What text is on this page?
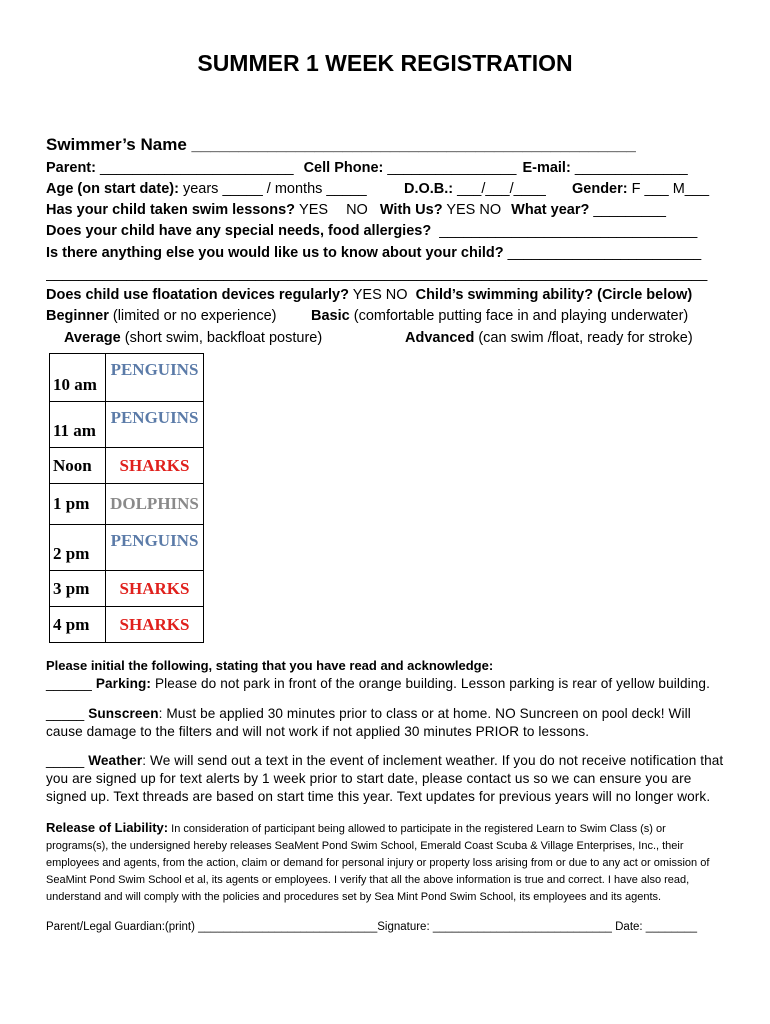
SUMMER 1 WEEK REGISTRATION
Swimmer’s Name _______________________________________________
Parent: ________________________ Cell Phone: ________________ E-mail: ______________
Age (on start date): years _____ / months _____	D.O.B.: ___/___/____ Gender: F ___ M___
Has your child taken swim lessons? YES NO With Us? YES NO What year? _________
Does your child have any special needs, food allergies? ________________________________
Is there anything else you would like us to know about your child? ________________________
__________________________________________________________________________________
Does child use floatation devices regularly? YES NO Child’s swimming ability? (Circle below)
Beginner (limited or no experience) Basic (comfortable putting face in and playing underwater)
Average (short swim, backfloat posture)	Advanced (can swim /float, ready for stroke)
10 am	PENGUINS
11 am	PENGUINS
Noon	SHARKS
1 pm	DOLPHINS
2 pm	PENGUINS
3 pm	SHARKS
4 pm	SHARKS
Please initial the following, stating that you have read and acknowledge:
______ Parking: Please do not park in front of the orange building. Lesson parking is rear of yellow building.
_____ Sunscreen: Must be applied 30 minutes prior to class or at home. NO Suncreen on pool deck! Will cause damage to the filters and will not work if not applied 30 minutes PRIOR to lessons.
_____ Weather: We will send out a text in the event of inclement weather. If you do not receive notification that you are signed up for text alerts by 1 week prior to start date, please contact us so we can ensure you are signed up. Text threads are based on start time this year. Text updates for previous years will no longer work.
Release of Liability: In consideration of participant being allowed to participate in the registered Learn to Swim Class (s) or programs(s), the undersigned hereby releases SeaMent Pond Swim School, Emerald Coast Scuba & Village Enterprises, Inc., their employees and agents, from the action, claim or demand for personal injury or property loss arising from or due to any act or omission of SeaMint Pond Swim School et al, its agents or employees. I verify that all the above information is true and correct. I have also read, understand and will comply with the policies and procedures set by Sea Mint Pond Swim School, its employees and its agents.
Parent/Legal Guardian:(print) ____________________________Signature: ____________________________ Date: ________
